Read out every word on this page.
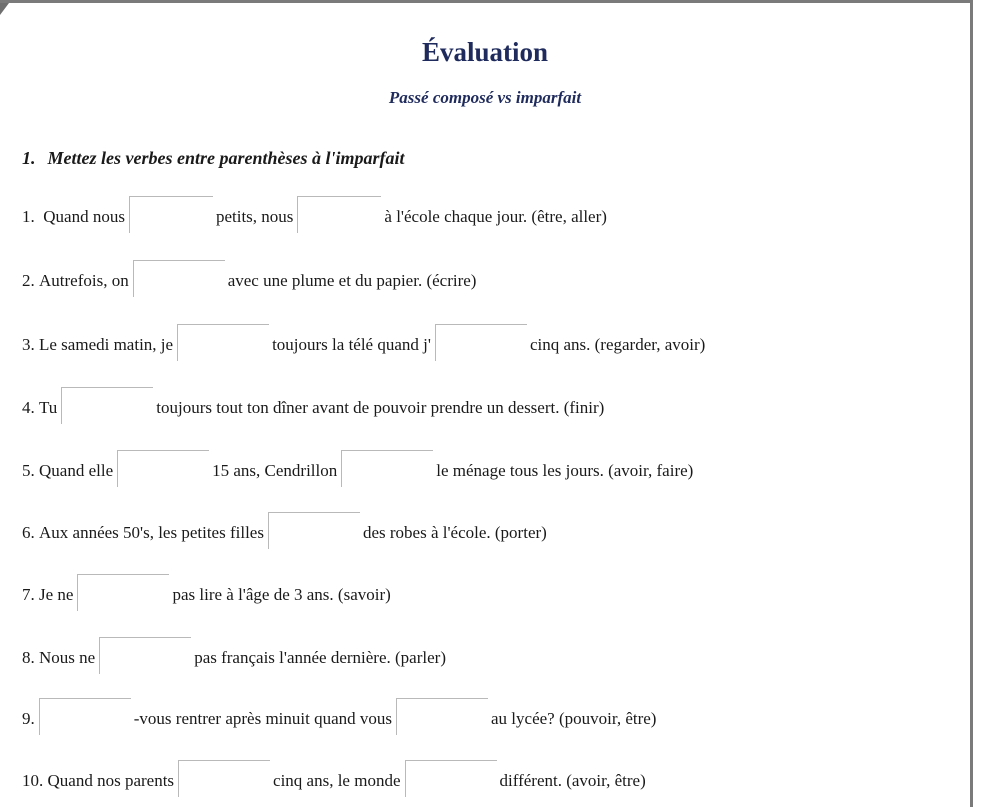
Évaluation
Passé composé vs imparfait

1. Mettez les verbes entre parenthèses à l'imparfait

1.
Quand nous	petits, nous	à l'école chaque jour. (être, aller)
2.
Autrefois, on	avec une plume et du papier. (écrire)
3.
Le samedi matin, je	toujours la télé quand j'	cinq ans. (regarder, avoir)
4.
Tu	toujours tout ton dîner avant de pouvoir prendre un dessert. (finir)
5.
Quand elle	15 ans, Cendrillon	le ménage tous les jours. (avoir, faire)
6.
Aux années 50's, les petites filles	des robes à l'école. (porter)
7.
Je ne	pas lire à l'âge de 3 ans. (savoir)
8.
Nous ne	pas français l'année dernière. (parler)
9.	-vous rentrer après minuit quand vous	au lycée? (pouvoir, être)
10.
Quand nos parents	cinq ans, le monde	différent. (avoir, être)
